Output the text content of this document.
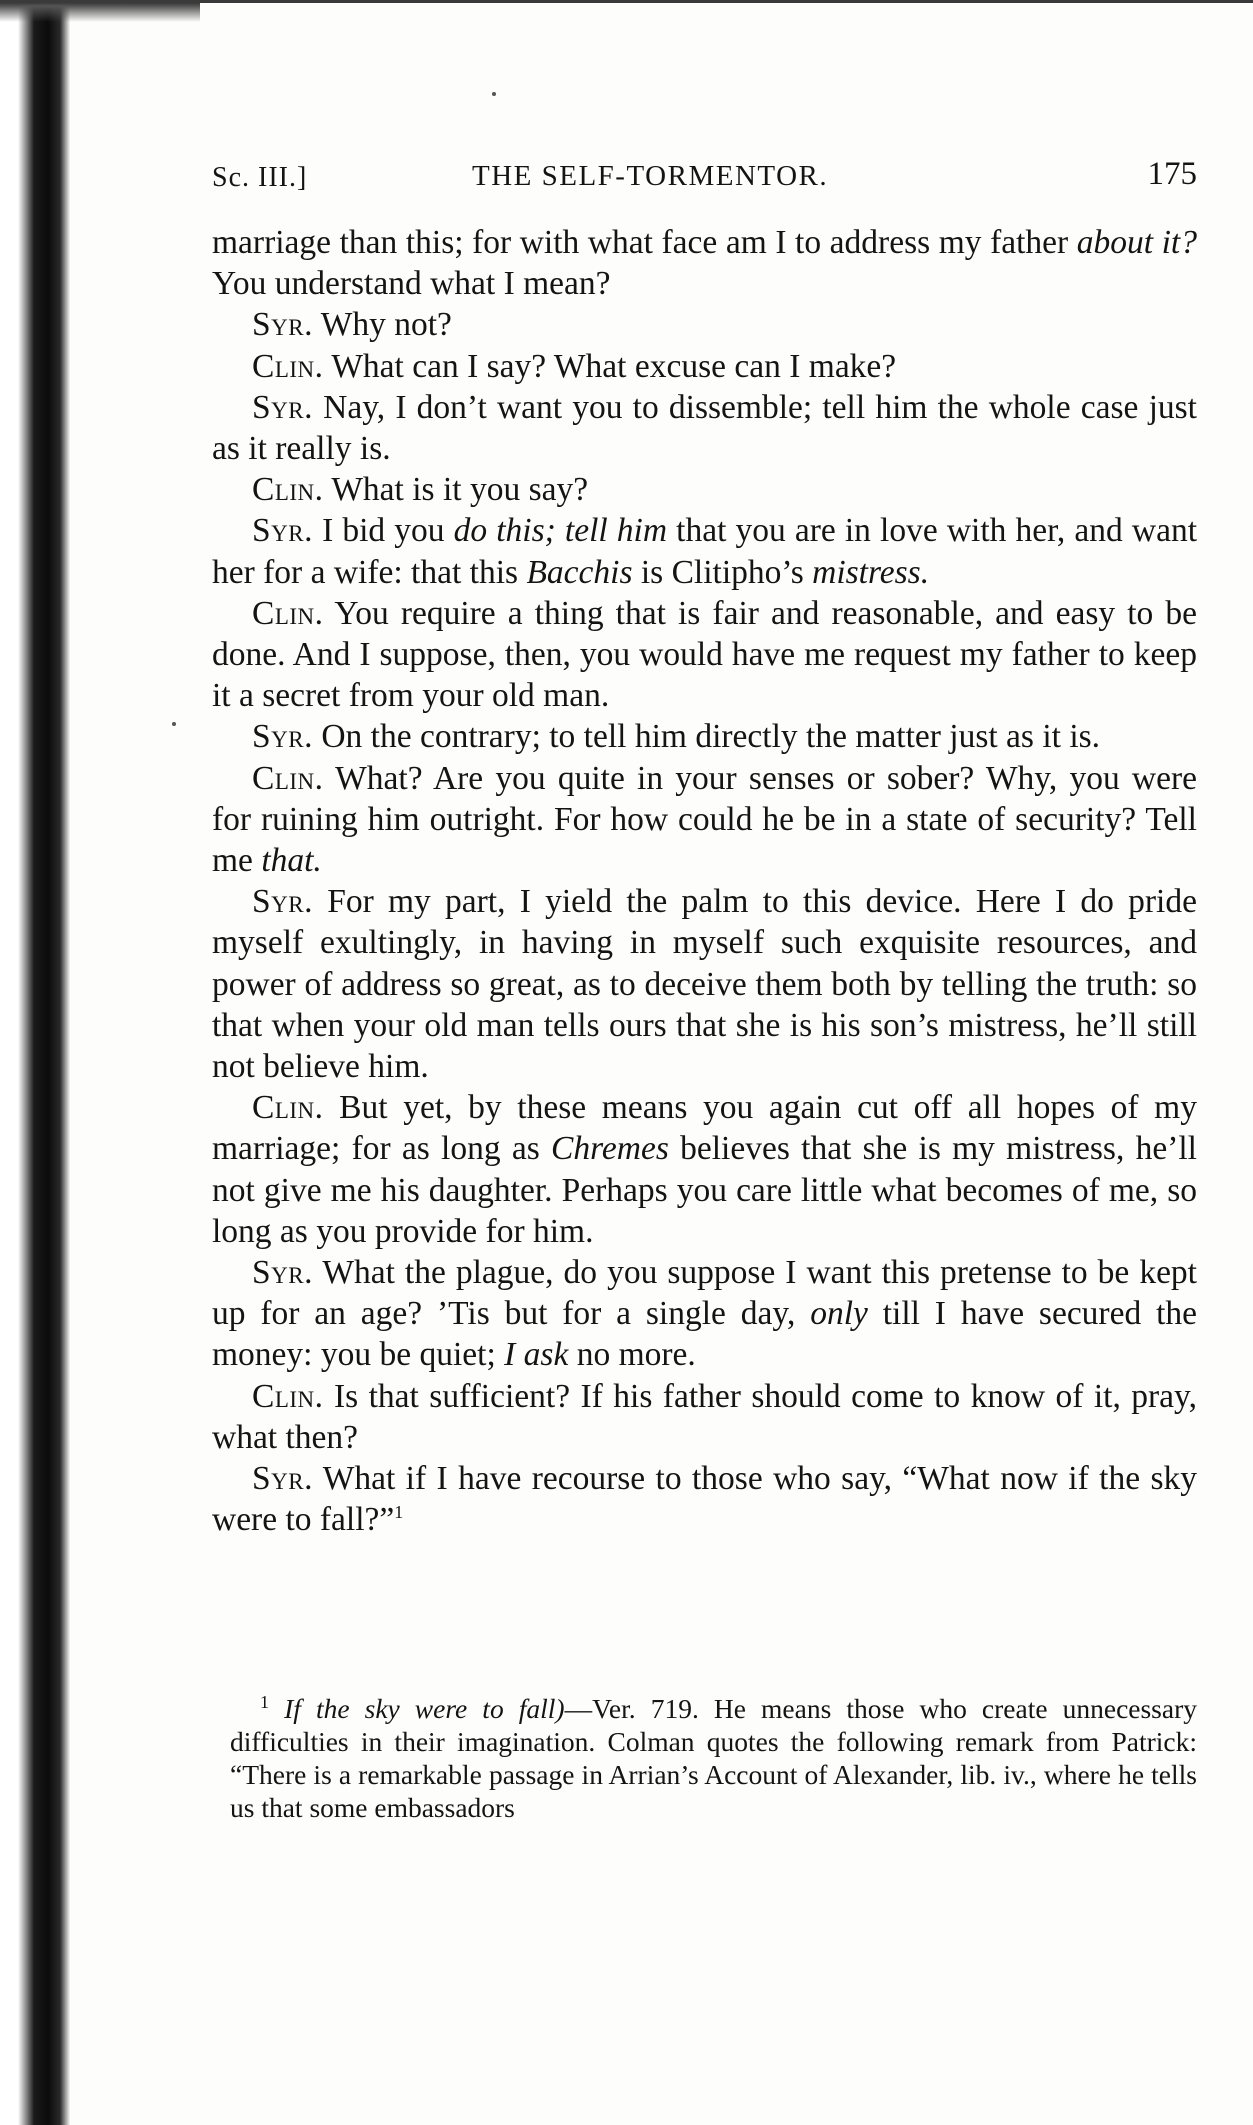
Sc. III.]	THE SELF-TORMENTOR.	175

marriage than this; for with what face am I to address my father about it? You understand what I mean?

Syr. Why not?

Clin. What can I say? What excuse can I make?

Syr. Nay, I don’t want you to dissemble; tell him the whole case just as it really is.

Clin. What is it you say?

Syr. I bid you do this; tell him that you are in love with her, and want her for a wife: that this Bacchis is Clitipho’s mistress.

Clin. You require a thing that is fair and reasonable, and easy to be done. And I suppose, then, you would have me request my father to keep it a secret from your old man.

Syr. On the contrary; to tell him directly the matter just as it is.

Clin. What? Are you quite in your senses or sober? Why, you were for ruining him outright. For how could he be in a state of security? Tell me that.

Syr. For my part, I yield the palm to this device. Here I do pride myself exultingly, in having in myself such exquisite resources, and power of address so great, as to deceive them both by telling the truth: so that when your old man tells ours that she is his son’s mistress, he’ll still not believe him.

Clin. But yet, by these means you again cut off all hopes of my marriage; for as long as Chremes believes that she is my mistress, he’ll not give me his daughter. Perhaps you care little what becomes of me, so long as you provide for him.

Syr. What the plague, do you suppose I want this pretense to be kept up for an age? ’Tis but for a single day, only till I have secured the money: you be quiet; I ask no more.

Clin. Is that sufficient? If his father should come to know of it, pray, what then?

Syr. What if I have recourse to those who say, “What now if the sky were to fall?”$^1$

$^1$ If the sky were to fall)—Ver. 719. He means those who create unnecessary difficulties in their imagination. Colman quotes the following remark from Patrick: “There is a remarkable passage in Arrian’s Account of Alexander, lib. iv., where he tells us that some embassadors
